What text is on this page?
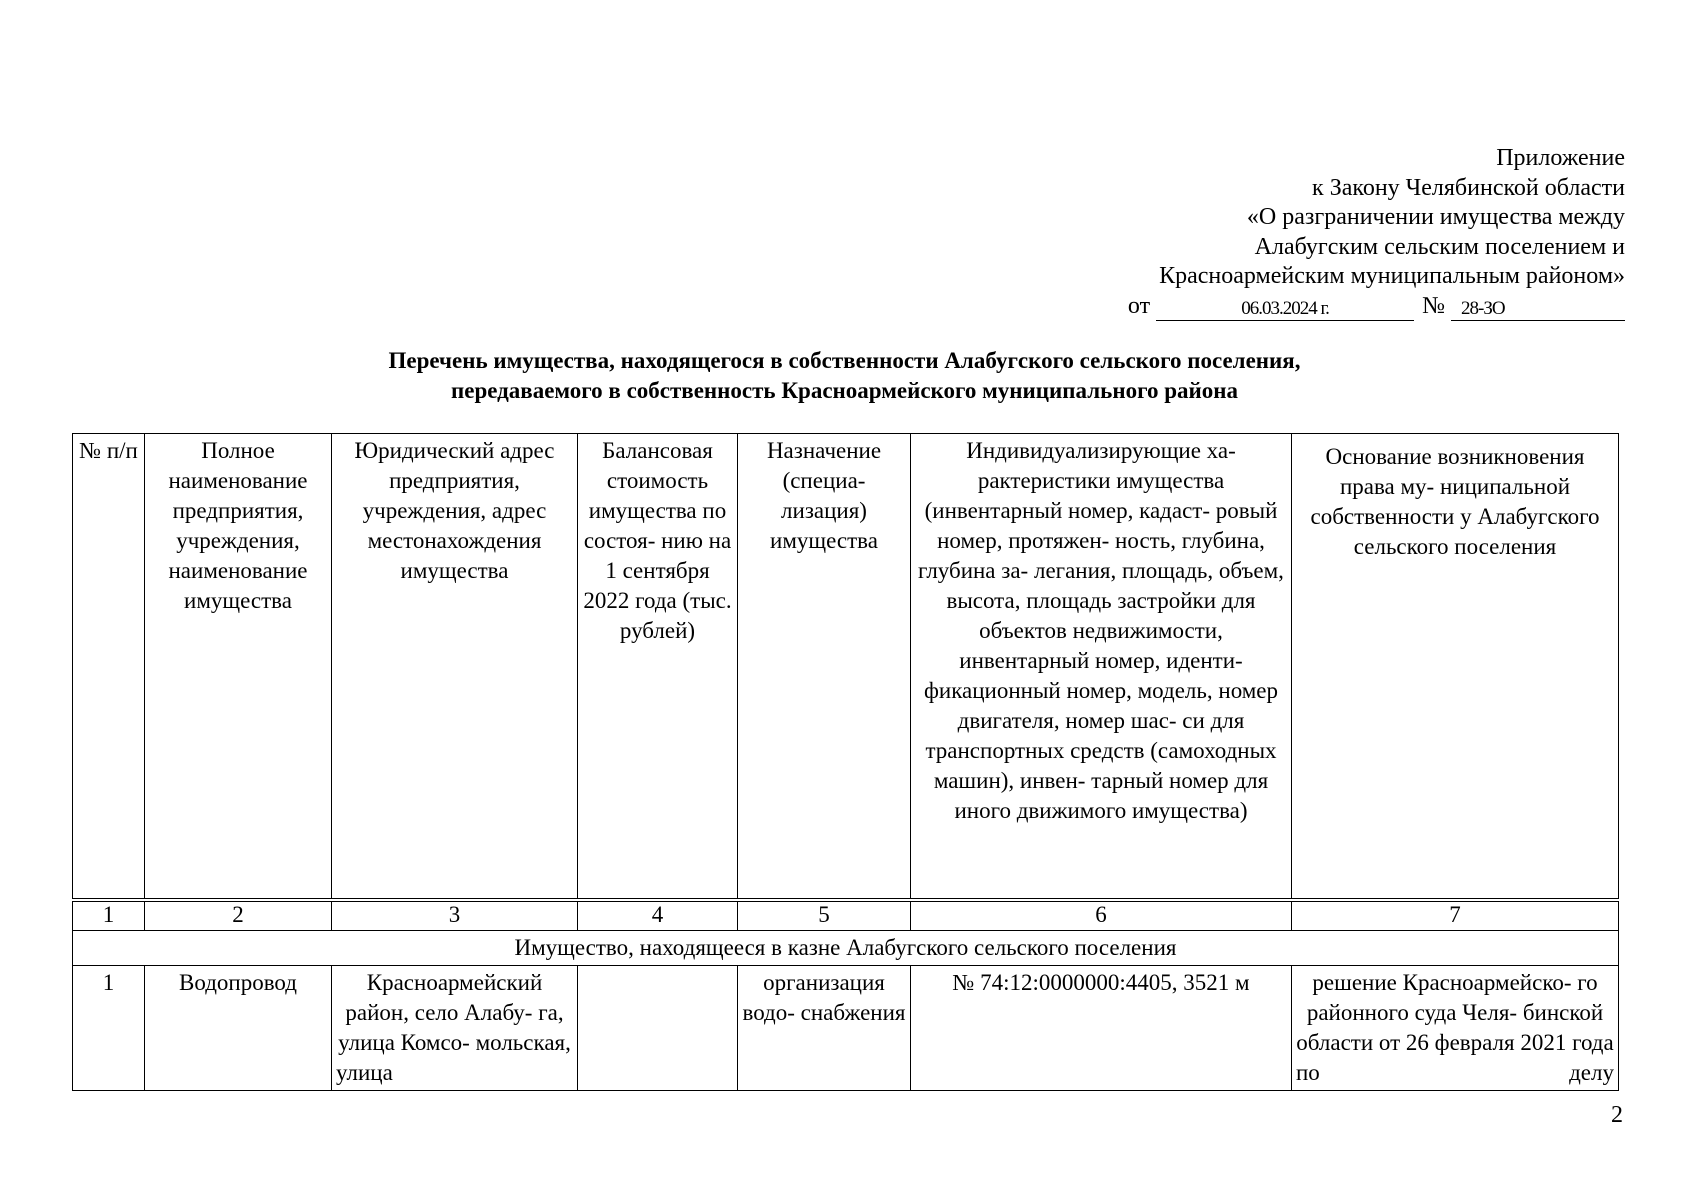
Приложение
к Закону Челябинской области
«О разграничении имущества между
Алабугским сельским поселением и
Красноармейским муниципальным районом»
от	06.03.2024 г.	№ 28-ЗО
Перечень имущества, находящегося в собственности Алабугского сельского поселения,
передаваемого в собственность Красноармейского муниципального района
№ п/п	Полное наименование предприятия, учреждения, наименование имущества	Юридический адрес предприятия, учреждения, адрес местонахождения имущества	Балансовая стоимость имущества по состоя- нию на 1 сентября 2022 года (тыс. рублей)	Назначение (специа- лизация) имущества	Индивидуализирующие ха- рактеристики имущества (инвентарный номер, кадаст- ровый номер, протяжен- ность, глубина, глубина за- легания, площадь, объем, высота, площадь застройки для объектов недвижимости, инвентарный номер, иденти- фикационный номер, модель, номер двигателя, номер шас- си для транспортных средств (самоходных машин), инвен- тарный номер для иного движимого имущества)	Основание возникновения права му- ниципальной собственности у Алабугского сельского поселения
1	2	3	4	5	6	7
Имущество, находящееся в казне Алабугского сельского поселения						
1	Водопровод	Красноармейский район, село Алабу- га, улица Комсо- мольская, улица		организация водо- снабжения	№ 74:12:0000000:4405, 3521 м	решение Красноармейско- го районного суда Челя- бинской области от 26 февраля 2021 года по делу
2
